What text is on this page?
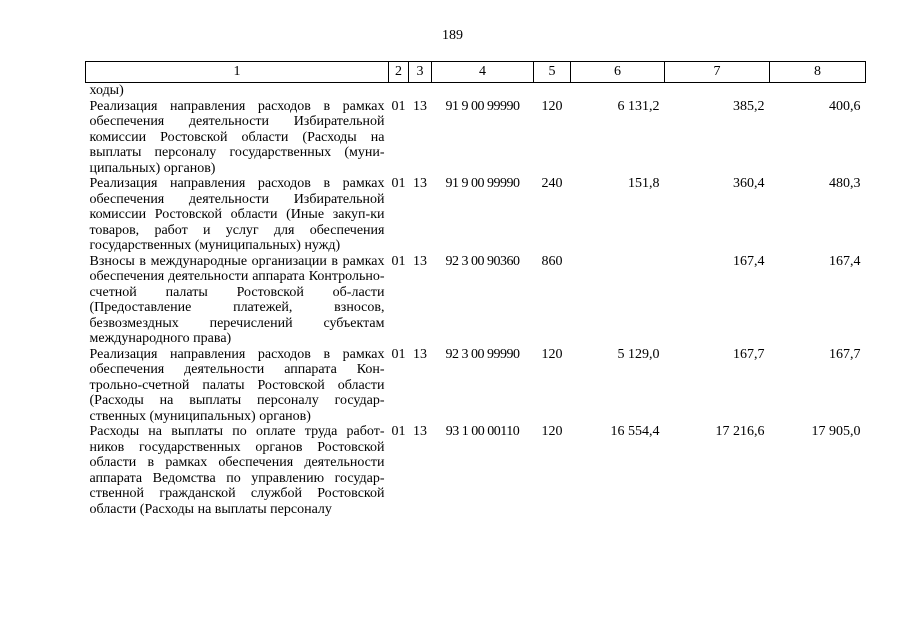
189
1	2	3	4	5	6	7	8
ходы)							
Реализация направления расходов в рамках обеспечения деятельности Избирательной комиссии Ростовской области (Расходы на выплаты персоналу государственных (муни-ципальных) органов)	01	13	91 9 00 99990	120	6 131,2	385,2	400,6
Реализация направления расходов в рамках обеспечения деятельности Избирательной комиссии Ростовской области (Иные закуп-ки товаров, работ и услуг для обеспечения государственных (муниципальных) нужд)	01	13	91 9 00 99990	240	151,8	360,4	480,3
Взносы в международные организации в рамках обеспечения деятельности аппарата Контрольно-счетной палаты Ростовской об-ласти (Предоставление платежей, взносов, безвозмездных перечислений субъектам международного права)	01	13	92 3 00 90360	860		167,4	167,4
Реализация направления расходов в рамках обеспечения деятельности аппарата Кон-трольно-счетной палаты Ростовской области (Расходы на выплаты персоналу государ-ственных (муниципальных) органов)	01	13	92 3 00 99990	120	5 129,0	167,7	167,7
Расходы на выплаты по оплате труда работ-ников государственных органов Ростовской области в рамках обеспечения деятельности аппарата Ведомства по управлению государ-ственной гражданской службой Ростовской области (Расходы на выплаты персоналу	01	13	93 1 00 00110	120	16 554,4	17 216,6	17 905,0
